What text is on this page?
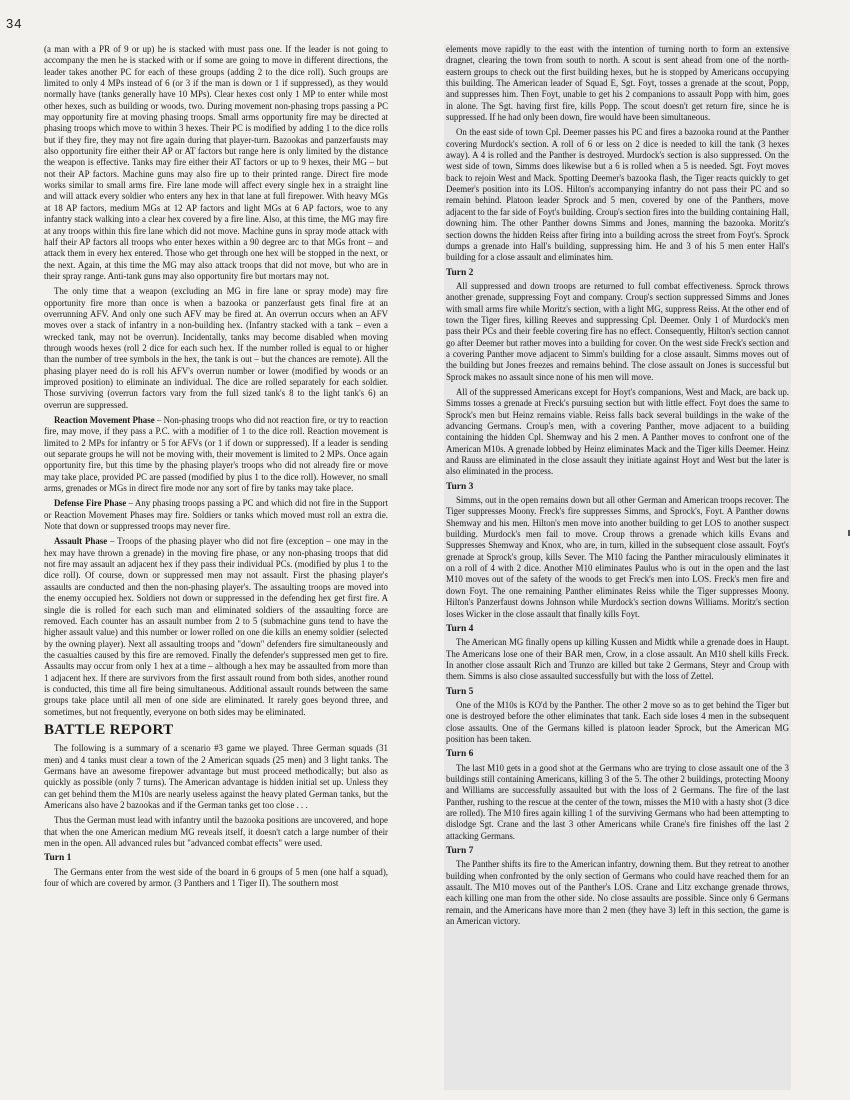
34

(a man with a PR of 9 or up) he is stacked with must pass one. If the leader is not going to accompany the men he is stacked with or if some are going to move in different directions, the leader takes another PC for each of these groups (adding 2 to the dice roll). Such groups are limited to only 4 MPs instead of 6 (or 3 if the man is down or 1 if suppressed), as they would normally have (tanks generally have 10 MPs). Clear hexes cost only 1 MP to enter while most other hexes, such as building or woods, two. During movement non-phasing trops passing a PC may opportunity fire at moving phasing troops. Small arms opportunity fire may be directed at phasing troops which move to within 3 hexes. Their PC is modified by adding 1 to the dice rolls but if they fire, they may not fire again during that player-turn. Bazookas and panzerfausts may also opportunity fire either their AP or AT factors but range here is only limited by the distance the weapon is effective. Tanks may fire either their AT factors or up to 9 hexes, their MG – but not their AP factors. Machine guns may also fire up to their printed range. Direct fire mode works similar to small arms fire. Fire lane mode will affect every single hex in a straight line and will attack every soldier who enters any hex in that lane at full firepower. With heavy MGs at 18 AP factors, medium MGs at 12 AP factors and light MGs at 6 AP factors, woe to any infantry stack walking into a clear hex covered by a fire line. Also, at this time, the MG may fire at any troops within this fire lane which did not move. Machine guns in spray mode attack with half their AP factors all troops who enter hexes within a 90 degree arc to that MGs front – and attack them in every hex entered. Those who get through one hex will be stopped in the next, or the next. Again, at this time the MG may also attack troops that did not move, but who are in their spray range. Anti-tank guns may also opportunity fire but mortars may not.

The only time that a weapon (excluding an MG in fire lane or spray mode) may fire opportunity fire more than once is when a bazooka or panzerfaust gets final fire at an overrunning AFV. And only one such AFV may be fired at. An overrun occurs when an AFV moves over a stack of infantry in a non-building hex. (Infantry stacked with a tank – even a wrecked tank, may not be overrun). Incidentally, tanks may become disabled when moving through woods hexes (roll 2 dice for each such hex. If the number rolled is equal to or higher than the number of tree symbols in the hex, the tank is out – but the chances are remote). All the phasing player need do is roll his AFV's overrun number or lower (modified by woods or an improved position) to eliminate an individual. The dice are rolled separately for each soldier. Those surviving (overrun factors vary from the full sized tank's 8 to the light tank's 6) an overrun are suppressed.

Reaction Movement Phase – Non-phasing troops who did not reaction fire, or try to reaction fire, may move, if they pass a P.C. with a modifier of 1 to the dice roll. Reaction movement is limited to 2 MPs for infantry or 5 for AFVs (or 1 if down or suppressed). If a leader is sending out separate groups he will not be moving with, their movement is limited to 2 MPs. Once again opportunity fire, but this time by the phasing player's troops who did not already fire or move may take place, provided PC are passed (modified by plus 1 to the dice roll). However, no small arms, grenades or MGs in direct fire mode nor any sort of fire by tanks may take place.

Defense Fire Phase – Any phasing troops passing a PC and which did not fire in the Support or Reaction Movement Phases may fire. Soldiers or tanks which moved must roll an extra die. Note that down or suppressed troops may never fire.

Assault Phase – Troops of the phasing player who did not fire (exception – one may in the hex may have thrown a grenade) in the moving fire phase, or any non-phasing troops that did not fire may assault an adjacent hex if they pass their individual PCs. (modified by plus 1 to the dice roll). Of course, down or suppressed men may not assault. First the phasing player's assaults are conducted and then the non-phasing player's. The assaulting troops are moved into the enemy occupied hex. Soldiers not down or suppressed in the defending hex get first fire. A single die is rolled for each such man and eliminated soldiers of the assaulting force are removed. Each counter has an assault number from 2 to 5 (submachine guns tend to have the higher assault value) and this number or lower rolled on one die kills an enemy soldier (selected by the owning player). Next all assaulting troops and "down" defenders fire simultaneously and the casualties caused by this fire are removed. Finally the defender's suppressed men get to fire. Assaults may occur from only 1 hex at a time – although a hex may be assaulted from more than 1 adjacent hex. If there are survivors from the first assault round from both sides, another round is conducted, this time all fire being simultaneous. Additional assault rounds between the same groups take place until all men of one side are eliminated. It rarely goes beyond three, and sometimes, but not frequently, everyone on both sides may be eliminated.

BATTLE REPORT

The following is a summary of a scenario #3 game we played. Three German squads (31 men) and 4 tanks must clear a town of the 2 American squads (25 men) and 3 light tanks. The Germans have an awesome firepower advantage but must proceed methodically; but also as quickly as possible (only 7 turns). The American advantage is hidden initial set up. Unless they can get behind them the M10s are nearly useless against the heavy plated German tanks, but the Americans also have 2 bazookas and if the German tanks get too close . . .

Thus the German must lead with infantry until the bazooka positions are uncovered, and hope that when the one American medium MG reveals itself, it doesn't catch a large number of their men in the open. All advanced rules but "advanced combat effects" were used.

Turn 1

The Germans enter from the west side of the board in 6 groups of 5 men (one half a squad), four of which are covered by armor. (3 Panthers and 1 Tiger II). The southern most

elements move rapidly to the east with the intention of turning north to form an extensive dragnet, clearing the town from south to north. A scout is sent ahead from one of the north-eastern groups to check out the first building hexes, but he is stopped by Americans occupying this building. The American leader of Squad E, Sgt. Foyt, tosses a grenade at the scout, Popp, and suppresses him. Then Foyt, unable to get his 2 companions to assault Popp with him, goes in alone. The Sgt. having first fire, kills Popp. The scout doesn't get return fire, since he is suppressed. If he had only been down, fire would have been simultaneous.

On the east side of town Cpl. Deemer passes his PC and fires a bazooka round at the Panther covering Murdock's section. A roll of 6 or less on 2 dice is needed to kill the tank (3 hexes away). A 4 is rolled and the Panther is destroyed. Murdock's section is also suppressed. On the west side of town, Simms does likewise but a 6 is rolled when a 5 is needed. Sgt. Foyt moves back to rejoin West and Mack. Spotting Deemer's bazooka flash, the Tiger reacts quickly to get Deemer's position into its LOS. Hilton's accompanying infantry do not pass their PC and so remain behind. Platoon leader Sprock and 5 men, covered by one of the Panthers, move adjacent to the far side of Foyt's building. Croup's section fires into the building containing Hall, downing him. The other Panther downs Simms and Jones, manning the bazooka. Moritz's section downs the hidden Reiss after firing into a building across the street from Foyt's. Sprock dumps a grenade into Hall's building, suppressing him. He and 3 of his 5 men enter Hall's building for a close assault and eliminates him.

Turn 2

All suppressed and down troops are returned to full combat effectiveness. Sprock throws another grenade, suppressing Foyt and company. Croup's section suppressed Simms and Jones with small arms fire while Moritz's section, with a light MG, suppress Reiss. At the other end of town the Tiger fires, killing Reeves and suppressing Cpl. Deemer. Only 1 of Murdock's men pass their PCs and their feeble covering fire has no effect. Consequently, Hilton's section cannot go after Deemer but rather moves into a building for cover. On the west side Freck's section and a covering Panther move adjacent to Simm's building for a close assault. Simms moves out of the building but Jones freezes and remains behind. The close assault on Jones is successful but Sprock makes no assault since none of his men will move.

All of the suppressed Americans except for Hoyt's companions, West and Mack, are back up. Simms tosses a grenade at Freck's pursuing section but with little effect. Foyt does the same to Sprock's men but Heinz remains viable. Reiss falls back several buildings in the wake of the advancing Germans. Croup's men, with a covering Panther, move adjacent to a building containing the hidden Cpl. Shemway and his 2 men. A Panther moves to confront one of the American M10s. A grenade lobbed by Heinz eliminates Mack and the Tiger kills Deemer. Heinz and Rauss are eliminated in the close assault they initiate against Hoyt and West but the later is also eliminated in the process.

Turn 3

Simms, out in the open remains down but all other German and American troops recover. The Tiger suppresses Moony. Freck's fire suppresses Simms, and Sprock's, Foyt. A Panther downs Shemway and his men. Hilton's men move into another building to get LOS to another suspect building. Murdock's men fail to move. Croup throws a grenade which kills Evans and Suppresses Shemway and Knox, who are, in turn, killed in the subsequent close assault. Foyt's grenade at Sprock's group, kills Sever. The M10 facing the Panther miraculously eliminates it on a roll of 4 with 2 dice. Another M10 eliminates Paulus who is out in the open and the last M10 moves out of the safety of the woods to get Freck's men into LOS. Freck's men fire and down Foyt. The one remaining Panther eliminates Reiss while the Tiger suppresses Moony. Hilton's Panzerfaust downs Johnson while Murdock's section downs Williams. Moritz's section loses Wicker in the close assault that finally kills Foyt.

Turn 4

The American MG finally opens up killing Kussen and Midtk while a grenade does in Haupt. The Americans lose one of their BAR men, Crow, in a close assault. An M10 shell kills Freck. In another close assault Rich and Trunzo are killed but take 2 Germans, Steyr and Croup with them. Simms is also close assaulted successfully but with the loss of Zettel.

Turn 5

One of the M10s is KO'd by the Panther. The other 2 move so as to get behind the Tiger but one is destroyed before the other eliminates that tank. Each side loses 4 men in the subsequent close assaults. One of the Germans killed is platoon leader Sprock, but the American MG position has been taken.

Turn 6

The last M10 gets in a good shot at the Germans who are trying to close assault one of the 3 buildings still containing Americans, killing 3 of the 5. The other 2 buildings, protecting Moony and Williams are successfully assaulted but with the loss of 2 Germans. The fire of the last Panther, rushing to the rescue at the center of the town, misses the M10 with a hasty shot (3 dice are rolled). The M10 fires again killing 1 of the surviving Germans who had been attempting to dislodge Sgt. Crane and the last 3 other Americans while Crane's fire finishes off the last 2 attacking Germans.

Turn 7

The Panther shifts its fire to the American infantry, downing them. But they retreat to another building when confronted by the only section of Germans who could have reached them for an assault. The M10 moves out of the Panther's LOS. Crane and Litz exchange grenade throws, each killing one man from the other side. No close assaults are possible. Since only 6 Germans remain, and the Americans have more than 2 men (they have 3) left in this section, the game is an American victory.
